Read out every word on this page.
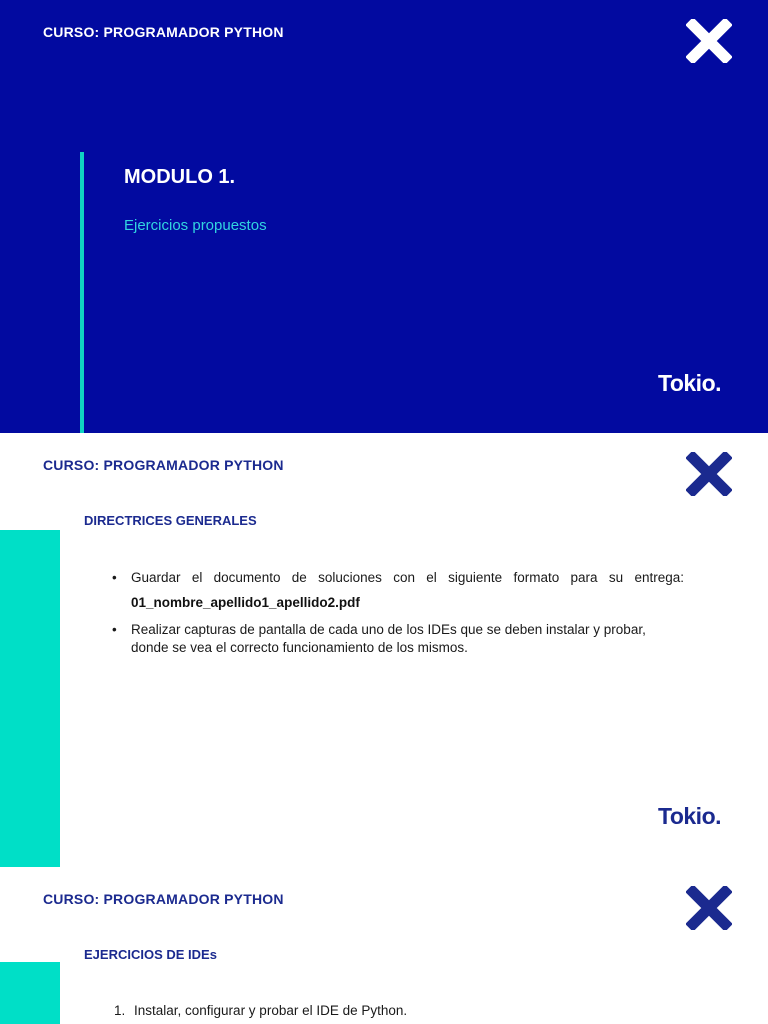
CURSO: PROGRAMADOR PYTHON
MODULO 1.
Ejercicios propuestos
Tokio.
CURSO: PROGRAMADOR PYTHON
DIRECTRICES GENERALES
•	Guardar el documento de soluciones con el siguiente formato para su entrega:
01_nombre_apellido1_apellido2.pdf
•	Realizar capturas de pantalla de cada uno de los IDEs que se deben instalar y probar, donde se vea el correcto funcionamiento de los mismos.
Tokio.
CURSO: PROGRAMADOR PYTHON
EJERCICIOS DE IDEs
1. Instalar, configurar y probar el IDE de Python.
